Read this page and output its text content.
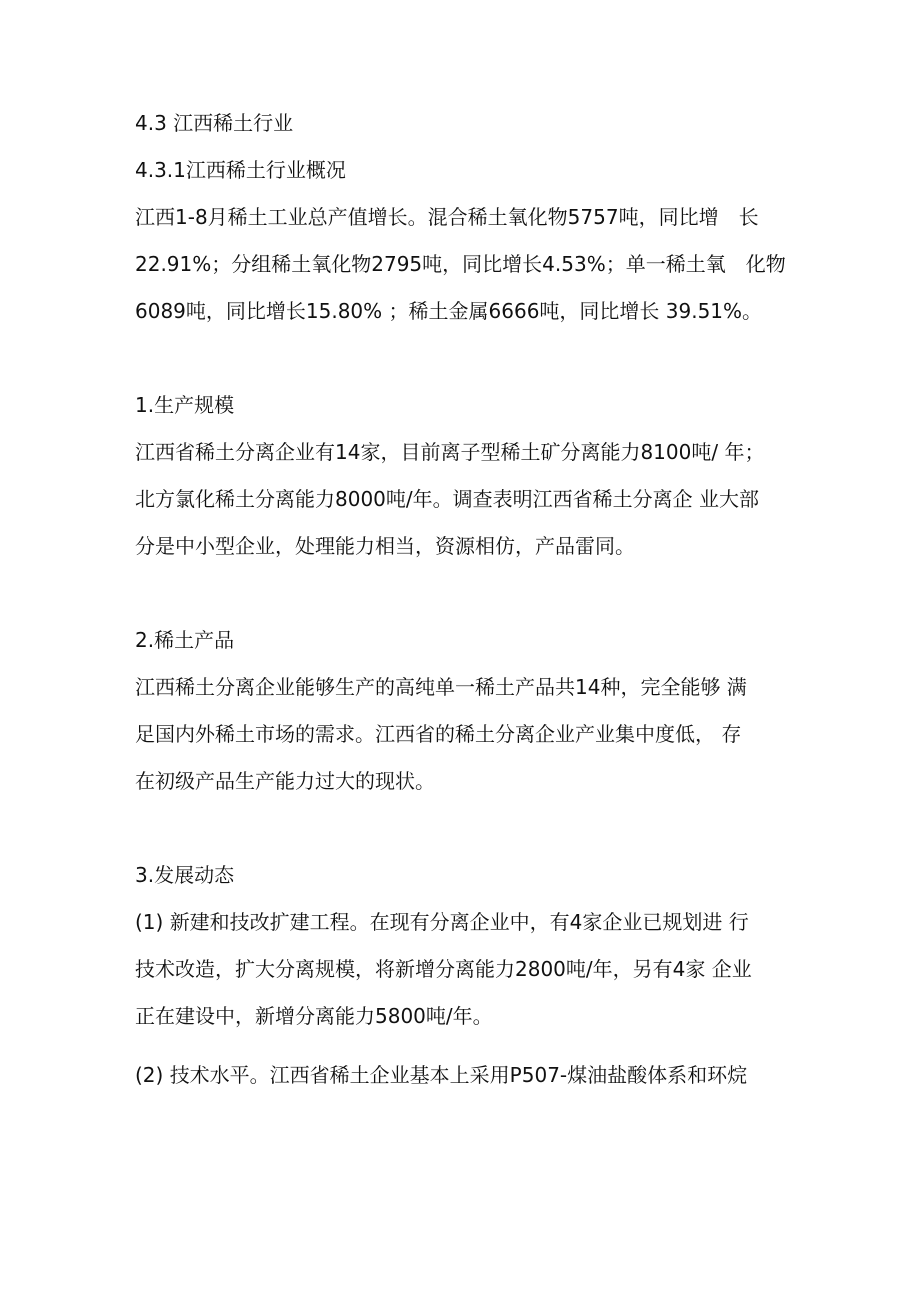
4.3 江西稀土行业
4.3.1江西稀土行业概况
江西1-8月稀土工业总产值增长。混合稀土氧化物5757吨，同比增　长
22.91%；分组稀土氧化物2795吨，同比增长4.53%；单一稀土氧　化物
6089吨，同比增长15.80% ；稀土金属6666吨，同比增长 39.51%。
1.生产规模
江西省稀土分离企业有14家，目前离子型稀土矿分离能力8100吨/ 年；
北方氯化稀土分离能力8000吨/年。调查表明江西省稀土分离企 业大部
分是中小型企业，处理能力相当，资源相仿，产品雷同。
2.稀土产品
江西稀土分离企业能够生产的高纯单一稀土产品共14种，完全能够 满
足国内外稀土市场的需求。江西省的稀土分离企业产业集中度低， 存
在初级产品生产能力过大的现状。
3.发展动态
(1) 新建和技改扩建工程。在现有分离企业中，有4家企业已规划进 行
技术改造，扩大分离规模，将新增分离能力2800吨/年，另有4家 企业
正在建设中，新增分离能力5800吨/年。
(2) 技术水平。江西省稀土企业基本上采用P507-煤油盐酸体系和环烷
